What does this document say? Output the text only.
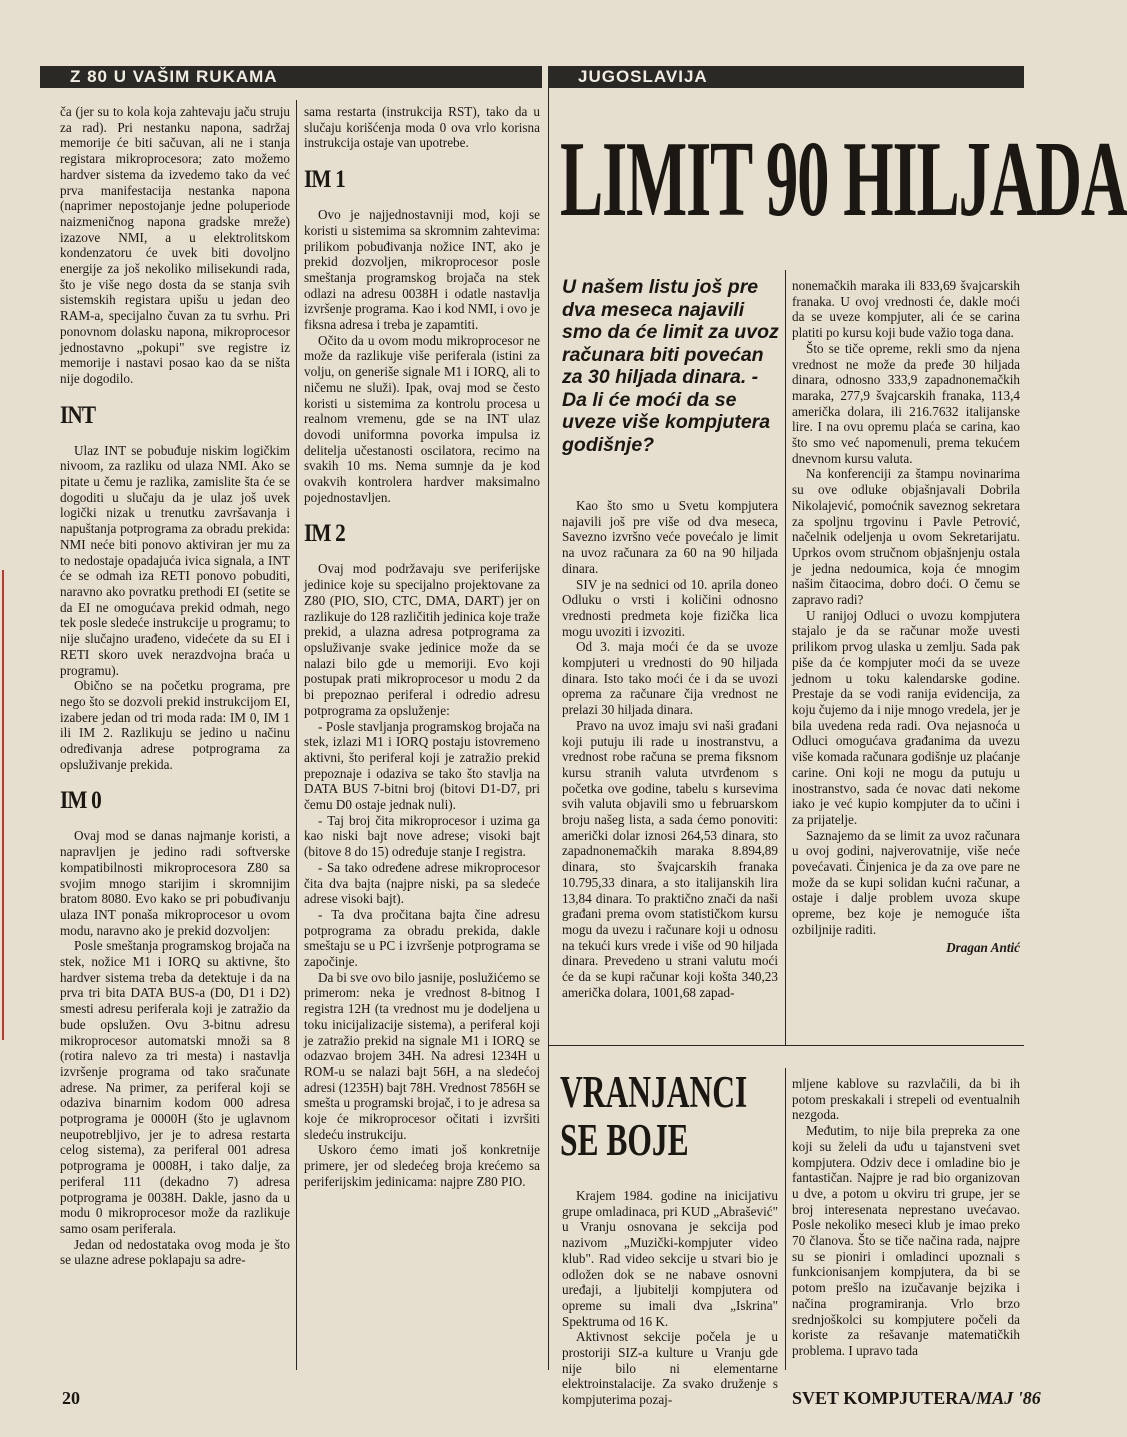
Z 80 U VAŠIM RUKAMA	JUGOSLAVIJA

ča (jer su to kola koja zahtevaju jaču struju za rad). Pri nestanku napona, sadržaj memorije će biti sačuvan, ali ne i stanja registara mikroprocesora; zato možemo hardver sistema da izvedemo tako da već prva manifestacija nestanka napona (naprimer nepostojanje jedne poluperiode naizmeničnog napona gradske mreže) izazove NMI, a u elektrolitskom kondenzatoru će uvek biti dovoljno energije za još nekoliko milisekundi rada, što je više nego dosta da se stanja svih sistemskih registara upišu u jedan deo RAM-a, specijalno čuvan za tu svrhu. Pri ponovnom dolasku napona, mikroprocesor jednostavno „pokupi" sve registre iz memorije i nastavi posao kao da se ništa nije dogodilo.

INT

Ulaz INT se pobuđuje niskim logičkim nivoom, za razliku od ulaza NMI. Ako se pitate u čemu je razlika, zamislite šta će se dogoditi u slučaju da je ulaz još uvek logički nizak u trenutku završavanja i napuštanja potprograma za obradu prekida: NMI neće biti ponovo aktiviran jer mu za to nedostaje opadajuća ivica signala, a INT će se odmah iza RETI ponovo pobuditi, naravno ako povratku prethodi EI (setite se da EI ne omogućava prekid odmah, nego tek posle sledeće instrukcije u programu; to nije slučajno urađeno, videćete da su EI i RETI skoro uvek nerazdvojna braća u programu).

Obično se na početku programa, pre nego što se dozvoli prekid instrukcijom EI, izabere jedan od tri moda rada: IM 0, IM 1 ili IM 2. Razlikuju se jedino u načinu određivanja adrese potprograma za opsluživanje prekida.

IM 0

Ovaj mod se danas najmanje koristi, a napravljen je jedino radi softverske kompatibilnosti mikroprocesora Z80 sa svojim mnogo starijim i skromnijim bratom 8080. Evo kako se pri pobuđivanju ulaza INT ponaša mikroprocesor u ovom modu, naravno ako je prekid dozvoljen:

Posle smeštanja programskog brojača na stek, nožice M1 i IORQ su aktivne, što hardver sistema treba da detektuje i da na prva tri bita DATA BUS-a (D0, D1 i D2) smesti adresu periferala koji je zatražio da bude opslužen. Ovu 3-bitnu adresu mikroprocesor automatski množi sa 8 (rotira nalevo za tri mesta) i nastavlja izvršenje programa od tako sračunate adrese. Na primer, za periferal koji se odaziva binarnim kodom 000 adresa potprograma je 0000H (što je uglavnom neupotrebljivo, jer je to adresa restarta celog sistema), za periferal 001 adresa potprograma je 0008H, i tako dalje, za periferal 111 (dekadno 7) adresa potprograma je 0038H. Dakle, jasno da u modu 0 mikroprocesor može da razlikuje samo osam periferala.

Jedan od nedostataka ovog moda je što se ulazne adrese poklapaju sa adre-

sama restarta (instrukcija RST), tako da u slučaju korišćenja moda 0 ova vrlo korisna instrukcija ostaje van upotrebe.

IM 1

Ovo je najjednostavniji mod, koji se koristi u sistemima sa skromnim zahtevima: prilikom pobuđivanja nožice INT, ako je prekid dozvoljen, mikroprocesor posle smeštanja programskog brojača na stek odlazi na adresu 0038H i odatle nastavlja izvršenje programa. Kao i kod NMI, i ovo je fiksna adresa i treba je zapamtiti.

Očito da u ovom modu mikroprocesor ne može da razlikuje više periferala (istini za volju, on generiše signale M1 i IORQ, ali to ničemu ne služi). Ipak, ovaj mod se često koristi u sistemima za kontrolu procesa u realnom vremenu, gde se na INT ulaz dovodi uniformna povorka impulsa iz delitelja učestanosti oscilatora, recimo na svakih 10 ms. Nema sumnje da je kod ovakvih kontrolera hardver maksimalno pojednostavljen.

IM 2

Ovaj mod podržavaju sve periferijske jedinice koje su specijalno projektovane za Z80 (PIO, SIO, CTC, DMA, DART) jer on razlikuje do 128 različitih jedinica koje traže prekid, a ulazna adresa potprograma za opsluživanje svake jedinice može da se nalazi bilo gde u memoriji. Evo koji postupak prati mikroprocesor u modu 2 da bi prepoznao periferal i odredio adresu potprograma za opsluženje:

- Posle stavljanja programskog brojača na stek, izlazi M1 i IORQ postaju istovremeno aktivni, što periferal koji je zatražio prekid prepoznaje i odaziva se tako što stavlja na DATA BUS 7-bitni broj (bitovi D1-D7, pri čemu D0 ostaje jednak nuli).

- Taj broj čita mikroprocesor i uzima ga kao niski bajt nove adrese; visoki bajt (bitove 8 do 15) određuje stanje I registra.

- Sa tako određene adrese mikroprocesor čita dva bajta (najpre niski, pa sa sledeće adrese visoki bajt).

- Ta dva pročitana bajta čine adresu potprograma za obradu prekida, dakle smeštaju se u PC i izvršenje potprograma se započinje.

Da bi sve ovo bilo jasnije, poslužićemo se primerom: neka je vrednost 8-bitnog I registra 12H (ta vrednost mu je dodeljena u toku inicijalizacije sistema), a periferal koji je zatražio prekid na signale M1 i IORQ se odazvao brojem 34H. Na adresi 1234H u ROM-u se nalazi bajt 56H, a na sledećoj adresi (1235H) bajt 78H. Vrednost 7856H se smešta u programski brojač, i to je adresa sa koje će mikroprocesor očitati i izvršiti sledeću instrukciju.

Uskoro ćemo imati još konkretnije primere, jer od sledećeg broja krećemo sa periferijskim jedinicama: najpre Z80 PIO.

LIMIT 90 HILJADA
U našem listu još pre dva meseca najavili smo da će limit za uvoz računara biti povećan za 30 hiljada dinara. - Da li će moći da se uveze više kompjutera godišnje?

Kao što smo u Svetu kompjutera najavili još pre više od dva meseca, Savezno izvršno veće povećalo je limit na uvoz računara za 60 na 90 hiljada dinara.

SIV je na sednici od 10. aprila doneo Odluku o vrsti i količini odnosno vrednosti predmeta koje fizička lica mogu uvoziti i izvoziti.

Od 3. maja moći će da se uvoze kompjuteri u vrednosti do 90 hiljada dinara. Isto tako moći će i da se uvozi oprema za računare čija vrednost ne prelazi 30 hiljada dinara.

Pravo na uvoz imaju svi naši građani koji putuju ili rade u inostranstvu, a vrednost robe računa se prema fiksnom kursu stranih valuta utvrđenom s početka ove godine, tabelu s kursevima svih valuta objavili smo u februarskom broju našeg lista, a sada ćemo ponoviti: američki dolar iznosi 264,53 dinara, sto zapadnonemačkih maraka 8.894,89 dinara, sto švajcarskih franaka 10.795,33 dinara, a sto italijanskih lira 13,84 dinara. To praktično znači da naši građani prema ovom statističkom kursu mogu da uvezu i računare koji u odnosu na tekući kurs vrede i više od 90 hiljada dinara. Prevedeno u strani valutu moći će da se kupi računar koji košta 340,23 američka dolara, 1001,68 zapad-

nonemačkih maraka ili 833,69 švajcarskih franaka. U ovoj vrednosti će, dakle moći da se uveze kompjuter, ali će se carina platiti po kursu koji bude važio toga dana.

Što se tiče opreme, rekli smo da njena vrednost ne može da pređe 30 hiljada dinara, odnosno 333,9 zapadnonemačkih maraka, 277,9 švajcarskih franaka, 113,4 američka dolara, ili 216.7632 italijanske lire. I na ovu opremu plaća se carina, kao što smo već napomenuli, prema tekućem dnevnom kursu valuta.

Na konferenciji za štampu novinarima su ove odluke objašnjavali Dobrila Nikolajević, pomoćnik saveznog sekretara za spoljnu trgovinu i Pavle Petrović, načelnik odeljenja u ovom Sekretarijatu. Uprkos ovom stručnom objašnjenju ostala je jedna nedoumica, koja će mnogim našim čitaocima, dobro doći. O čemu se zapravo radi?

U ranijoj Odluci o uvozu kompjutera stajalo je da se računar može uvesti prilikom prvog ulaska u zemlju. Sada pak piše da će kompjuter moći da se uveze jednom u toku kalendarske godine. Prestaje da se vodi ranija evidencija, za koju čujemo da i nije mnogo vredela, jer je bila uvedena reda radi. Ova nejasnoća u Odluci omogućava građanima da uvezu više komada računara godišnje uz plaćanje carine. Oni koji ne mogu da putuju u inostranstvo, sada će novac dati nekome iako je već kupio kompjuter da to učini i za prijatelje.

Saznajemo da se limit za uvoz računara u ovoj godini, najverovatnije, više neće povećavati. Činjenica je da za ove pare ne može da se kupi solidan kućni računar, a ostaje i dalje problem uvoza skupe opreme, bez koje je nemoguće išta ozbiljnije raditi.

Dragan Antić
VRANJANCI SE BOJE

Krajem 1984. godine na inicijativu grupe omladinaca, pri KUD „Abrašević" u Vranju osnovana je sekcija pod nazivom „Muzički-kompjuter video klub". Rad video sekcije u stvari bio je odložen dok se ne nabave osnovni uređaji, a ljubitelji kompjutera od opreme su imali dva „Iskrina" Spektruma od 16 K.

Aktivnost sekcije počela je u prostoriji SIZ-a kulture u Vranju gde nije bilo ni elementarne elektroinstalacije. Za svako druženje s kompjuterima pozaj-

mljene kablove su razvlačili, da bi ih potom preskakali i strepeli od eventualnih nezgoda.

Međutim, to nije bila prepreka za one koji su želeli da uđu u tajanstveni svet kompjutera. Odziv dece i omladine bio je fantastičan. Najpre je rad bio organizovan u dve, a potom u okviru tri grupe, jer se broj interesenata neprestano uvećavao. Posle nekoliko meseci klub je imao preko 70 članova. Što se tiče načina rada, najpre su se pioniri i omladinci upoznali s funkcionisanjem kompjutera, da bi se potom prešlo na izučavanje bejzika i načina programiranja. Vrlo brzo srednjoškolci su kompjutere počeli da koriste za rešavanje matematičkih problema. I upravo tada

20	SVET KOMPJUTERA/MAJ '86
